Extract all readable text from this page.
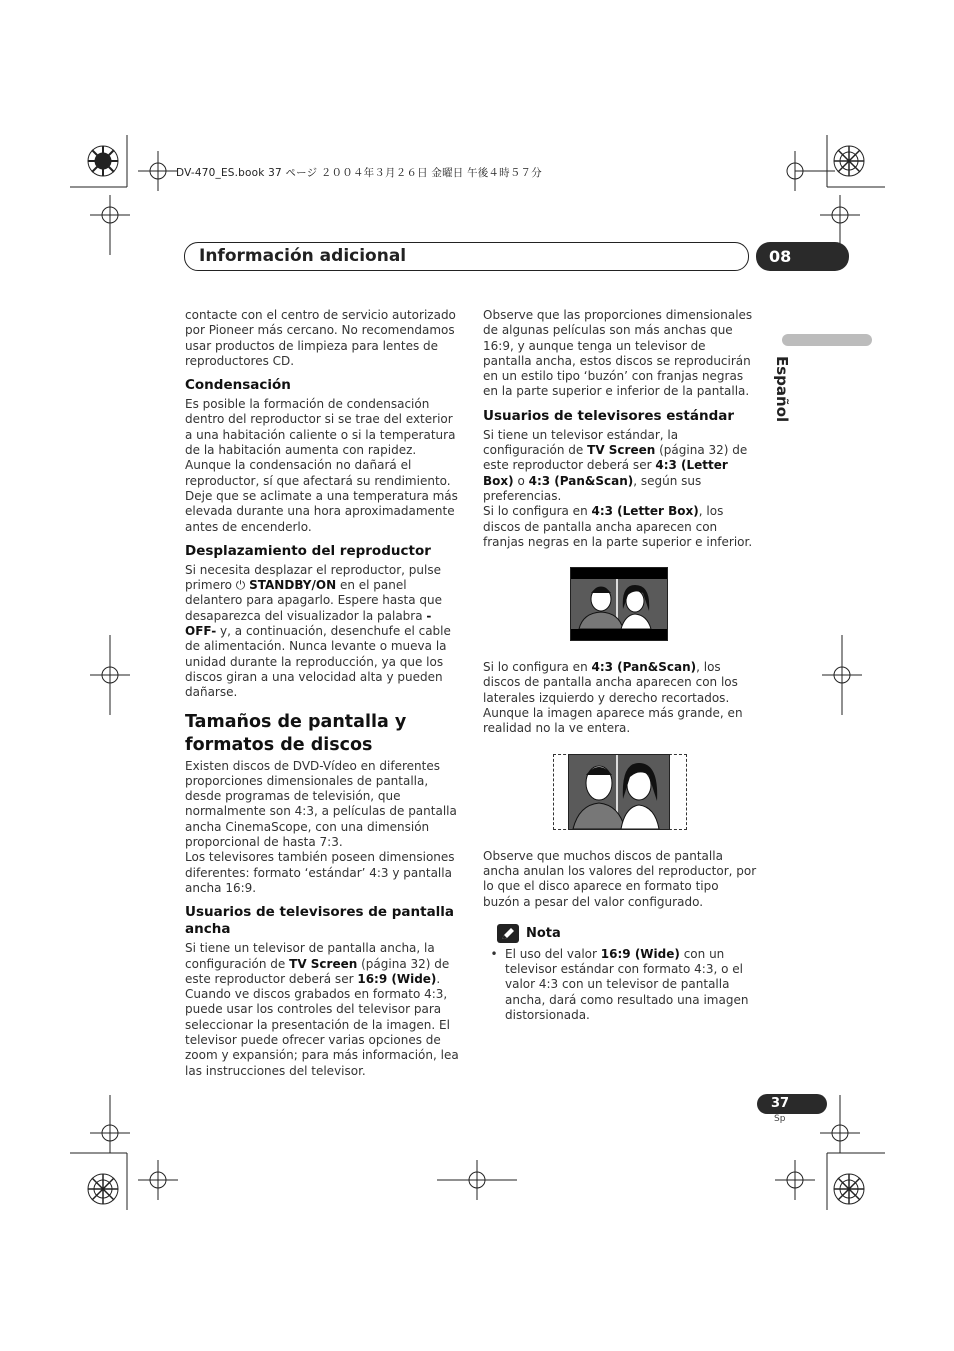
DV-470_ES.book 37 ページ ２００４年３月２６日 金曜日 午後４時５７分
Información adicional	08
Español

contacte con el centro de servicio autorizado por Pioneer más cercano. No recomendamos usar productos de limpieza para lentes de reproductores CD.

Condensación

Es posible la formación de condensación dentro del reproductor si se trae del exterior a una habitación caliente o si la temperatura de la habitación aumenta con rapidez. Aunque la condensación no dañará el reproductor, sí que afectará su rendimiento. Deje que se aclimate a una temperatura más elevada durante una hora aproximadamente antes de encenderlo.

Desplazamiento del reproductor

Si necesita desplazar el reproductor, pulse primero ⏻ STANDBY/ON en el panel delantero para apagarlo. Espere hasta que desaparezca del visualizador la palabra -OFF- y, a continuación, desenchufe el cable de alimentación. Nunca levante o mueva la unidad durante la reproducción, ya que los discos giran a una velocidad alta y pueden dañarse.

Tamaños de pantalla y formatos de discos

Existen discos de DVD-Vídeo en diferentes proporciones dimensionales de pantalla, desde programas de televisión, que normalmente son 4:3, a películas de pantalla ancha CinemaScope, con una dimensión proporcional de hasta 7:3.

Los televisores también poseen dimensiones diferentes: formato ‘estándar’ 4:3 y pantalla ancha 16:9.

Usuarios de televisores de pantalla ancha

Si tiene un televisor de pantalla ancha, la configuración de TV Screen (página 32) de este reproductor deberá ser 16:9 (Wide).

Cuando ve discos grabados en formato 4:3, puede usar los controles del televisor para seleccionar la presentación de la imagen. El televisor puede ofrecer varias opciones de zoom y expansión; para más información, lea las instrucciones del televisor.

Observe que las proporciones dimensionales de algunas películas son más anchas que 16:9, y aunque tenga un televisor de pantalla ancha, estos discos se reproducirán en un estilo tipo ‘buzón’ con franjas negras en la parte superior e inferior de la pantalla.

Usuarios de televisores estándar

Si tiene un televisor estándar, la configuración de TV Screen (página 32) de este reproductor deberá ser 4:3 (Letter Box) o 4:3 (Pan&Scan), según sus preferencias.

Si lo configura en 4:3 (Letter Box), los discos de pantalla ancha aparecen con franjas negras en la parte superior e inferior.

Si lo configura en 4:3 (Pan&Scan), los discos de pantalla ancha aparecen con los laterales izquierdo y derecho recortados. Aunque la imagen aparece más grande, en realidad no la ve entera.

Observe que muchos discos de pantalla ancha anulan los valores del reproductor, por lo que el disco aparece en formato tipo buzón a pesar del valor configurado.

Nota
• El uso del valor 16:9 (Wide) con un televisor estándar con formato 4:3, o el valor 4:3 con un televisor de pantalla ancha, dará como resultado una imagen distorsionada.

37
Sp
